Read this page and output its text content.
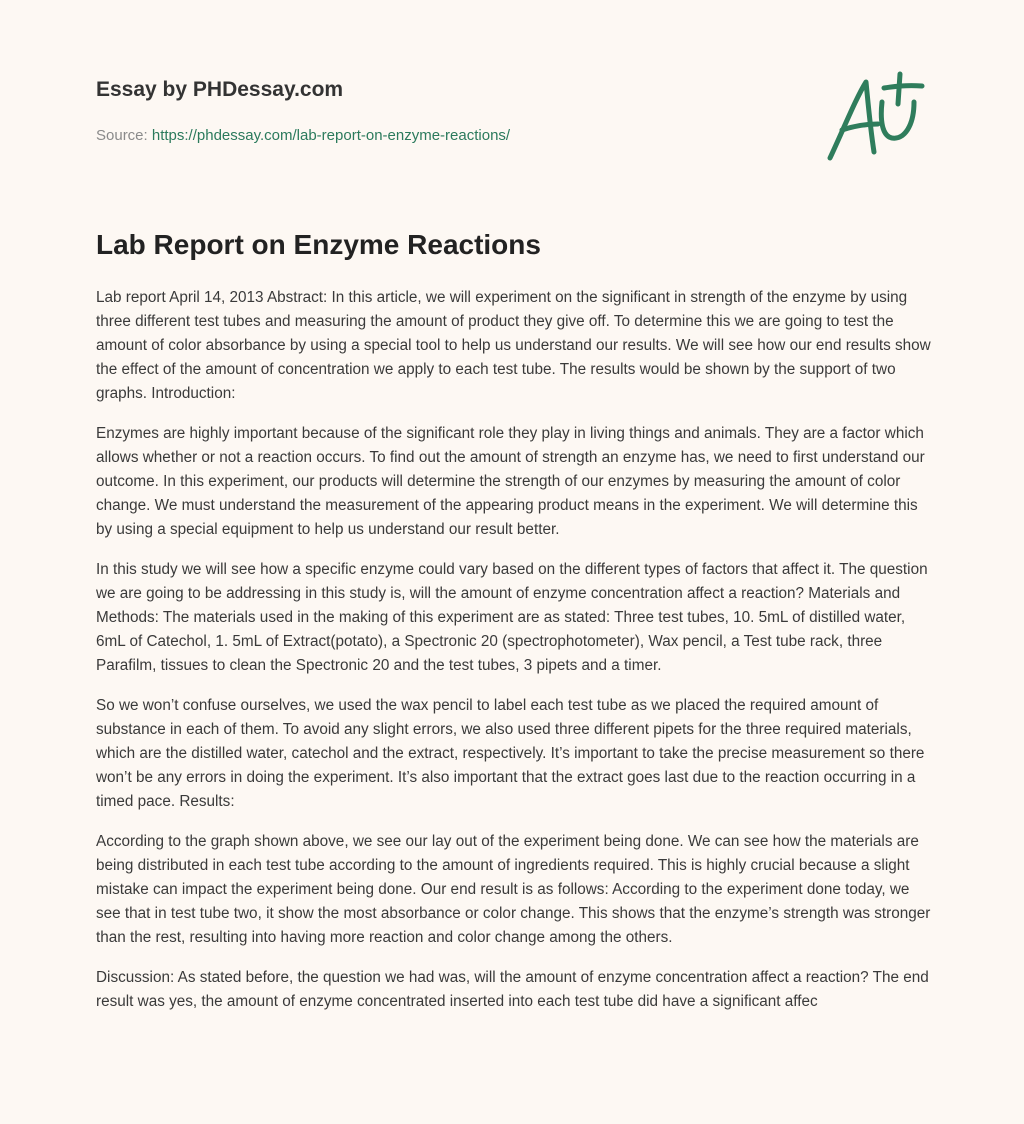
Essay by PHDessay.com

Source: https://phdessay.com/lab-report-on-enzyme-reactions/
Lab Report on Enzyme Reactions

Lab report April 14, 2013 Abstract: In this article, we will experiment on the significant in strength of the enzyme by using three different test tubes and measuring the amount of product they give off. To determine this we are going to test the amount of color absorbance by using a special tool to help us understand our results. We will see how our end results show the effect of the amount of concentration we apply to each test tube. The results would be shown by the support of two graphs. Introduction:

Enzymes are highly important because of the significant role they play in living things and animals. They are a factor which allows whether or not a reaction occurs. To find out the amount of strength an enzyme has, we need to first understand our outcome. In this experiment, our products will determine the strength of our enzymes by measuring the amount of color change. We must understand the measurement of the appearing product means in the experiment. We will determine this by using a special equipment to help us understand our result better.

In this study we will see how a specific enzyme could vary based on the different types of factors that affect it. The question we are going to be addressing in this study is, will the amount of enzyme concentration affect a reaction? Materials and Methods: The materials used in the making of this experiment are as stated: Three test tubes, 10. 5mL of distilled water, 6mL of Catechol, 1. 5mL of Extract(potato), a Spectronic 20 (spectrophotometer), Wax pencil, a Test tube rack, three Parafilm, tissues to clean the Spectronic 20 and the test tubes, 3 pipets and a timer.

So we won’t confuse ourselves, we used the wax pencil to label each test tube as we placed the required amount of substance in each of them. To avoid any slight errors, we also used three different pipets for the three required materials, which are the distilled water, catechol and the extract, respectively. It’s important to take the precise measurement so there won’t be any errors in doing the experiment. It’s also important that the extract goes last due to the reaction occurring in a timed pace. Results:

According to the graph shown above, we see our lay out of the experiment being done. We can see how the materials are being distributed in each test tube according to the amount of ingredients required. This is highly crucial because a slight mistake can impact the experiment being done. Our end result is as follows: According to the experiment done today, we see that in test tube two, it show the most absorbance or color change. This shows that the enzyme’s strength was stronger than the rest, resulting into having more reaction and color change among the others.

Discussion: As stated before, the question we had was, will the amount of enzyme concentration affect a reaction? The end result was yes, the amount of enzyme concentrated inserted into each test tube did have a significant affec
